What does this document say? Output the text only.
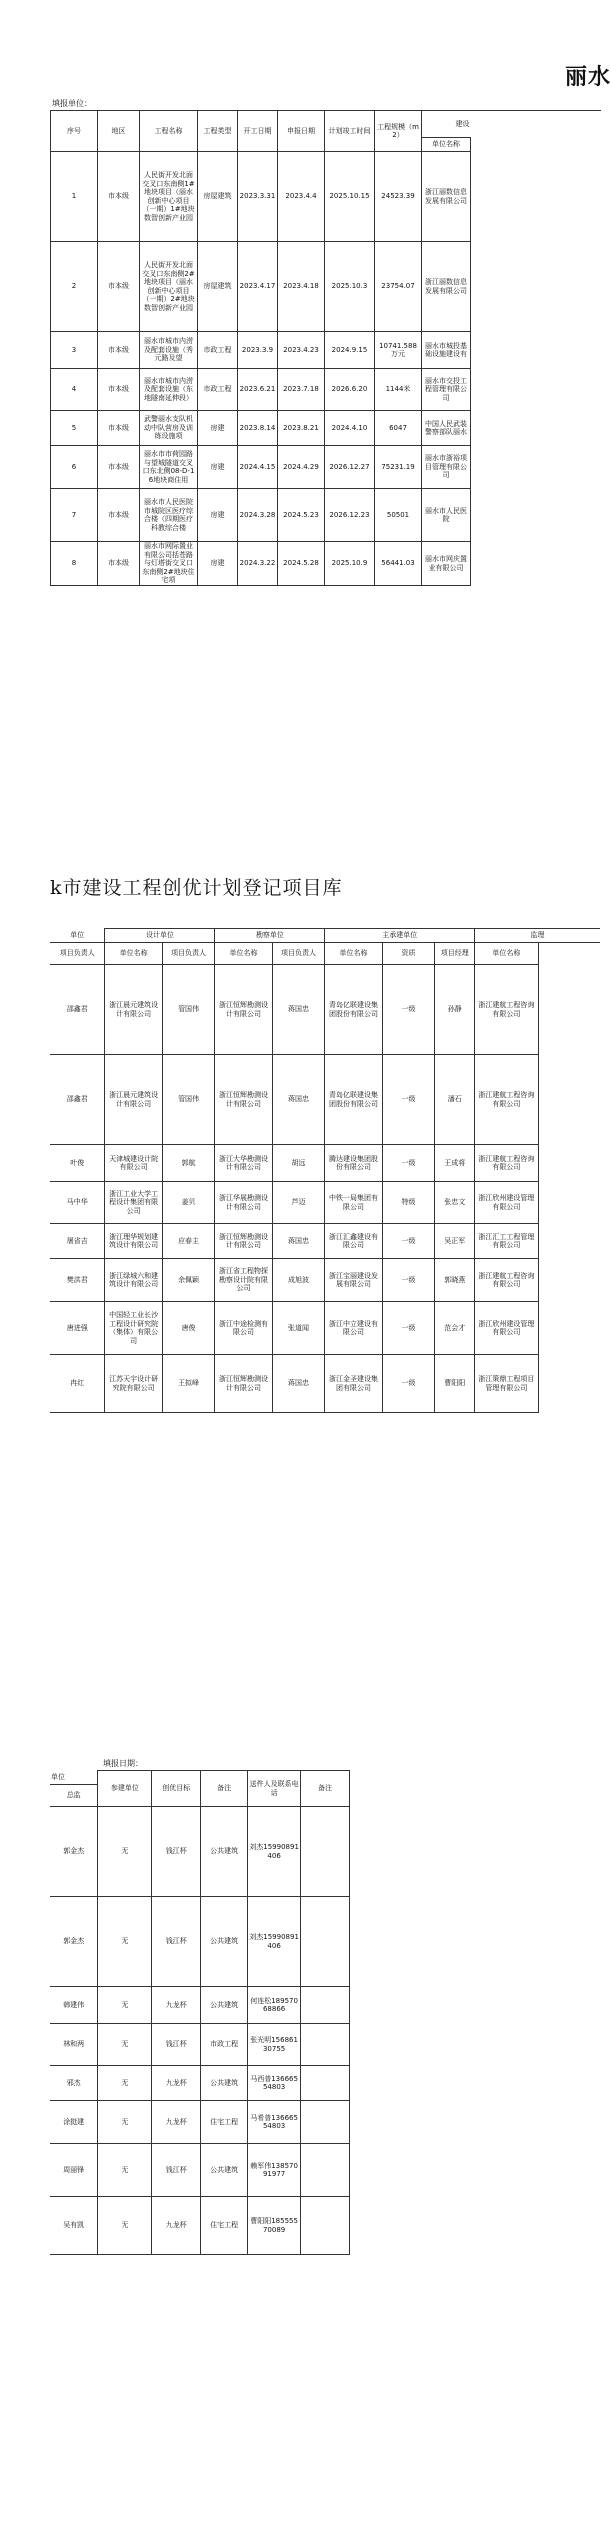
丽水
填报单位：
序号	地区	工程名称	工程类型	开工日期	申报日期	计划竣工时间	工程规模（m2）	建设	
								单位名称	
1	市本级	人民街开发北面交叉口东南侧1#地块项目（丽水创新中心项目（一期）1#地块数智创新产业园	房屋建筑	2023.3.31	2023.4.4	2025.10.15	24523.39	浙江丽数信息发展有限公司	
2	市本级	人民街开发北面交叉口东南侧2#地块项目（丽水创新中心项目（一期）2#地块数智创新产业园	房屋建筑	2023.4.17	2023.4.18	2025.10.3	23754.07	浙江丽数信息发展有限公司	
3	市本级	丽水市城市内涝及配套设施（秀元路及望	市政工程	2023.3.9	2023.4.23	2024.9.15	10741.588万元	丽水市城投基础设施建设有	
4	市本级	丽水市城市内涝及配套设施（东地隧南延伸段）	市政工程	2023.6.21	2023.7.18	2026.6.20	1144米	丽水市交投工程管理有限公司	
5	市本级	武警丽水支队机动中队营房及训练设施项	房建	2023.8.14	2023.8.21	2024.4.10	6047	中国人民武装警察部队丽水	
6	市本级	丽水市市荷园路与望城隧道交叉口东北侧08-D-16地块商住用	房建	2024.4.15	2024.4.29	2026.12.27	75231.19	丽水市浙裕项目管理有限公司	
7	市本级	丽水市人民医院市城院区医疗综合楼（四期医疗科教综合楼	房建	2024.3.28	2024.5.23	2026.12.23	50501	丽水市人民医院	
8	市本级	丽水市网际置业有限公司括苍路与灯塔街交叉口东南侧2#地块住宅项	房建	2024.3.22	2024.5.28	2025.10.9	56441.03	丽水市网庆置业有限公司	
k市建设工程创优计划登记项目库
单位	设计单位		勘察单位		主承建单位			监理	
项目负责人	单位名称	项目负责人	单位名称	项目负责人	单位名称	资质	项目经理	单位名称	
邵鑫君	浙江晨元建筑设计有限公司	管国伟	浙江恒辉勘测设计有限公司	蒋国忠	青岛亿联建设集团股份有限公司	一级	孙静	浙江建航工程咨询有限公司	
邵鑫君	浙江晨元建筑设计有限公司	管国伟	浙江恒辉勘测设计有限公司	蒋国忠	青岛亿联建设集团股份有限公司	一级	潘石	浙江建航工程咨询有限公司	
叶俊	天津城建设计院有限公司	郭航	浙江大华勘测设计有限公司	胡远	腾达建设集团股份有限公司	一级	王成将	浙江建航工程咨询有限公司	
马中华	浙江工业大学工程设计集团有限公司	姜贝	浙江华展勘测设计有限公司	芦迈	中铁一局集团有限公司	特级	张忠文	浙江欣州建设管理有限公司	
屠省吉	浙江理华规划建筑设计有限公司	应春主	浙江恒辉勘测设计有限公司	蒋国忠	浙江汇鑫建设有限公司	一级	吴正军	浙江汇工工程管理有限公司	
樊洪君	浙江绿城六和建筑设计有限公司	余佩颖	浙江省工程物探勘察设计院有限公司	成旭波	浙江宝丽建设发展有限公司	一级	郭晓燕	浙江建航工程咨询有限公司	
唐进强	中国轻工业长沙工程设计研究院（集体）有限公司	唐俊	浙江中途检测有限公司	张道闻	浙江中立建设有限公司	一级	范会才	浙江欣州建设管理有限公司	
冉红	江苏天宇设计研究院有限公司	王拟峰	浙江恒辉勘测设计有限公司	蒋国忠	浙江金圣建设集团有限公司	一级	曹阳阳	浙江策鼎工程项目管理有限公司	
填报日期：
单位	参建单位	创优目标	备注	送件人及联系电话	备注
总监					
郭金杰	无	钱江杯	公共建筑	刘杰15990891406	
郭金杰	无	钱江杯	公共建筑	刘杰15990891406	
韩建伟	无	九龙杯	公共建筑	何连松18957068866	
林和两	无	钱江杯	市政工程	张光明15686130755	
邪杰	无	九龙杯	公共建筑	马西普13666554803	
涂挺建	无	九龙杯	住宅工程	马希普13666554803	
周丽锋	无	钱江杯	公共建筑	赖军伟13857091977	
吴有凯	无	九龙杯	住宅工程	曹阳阳18555570089	
